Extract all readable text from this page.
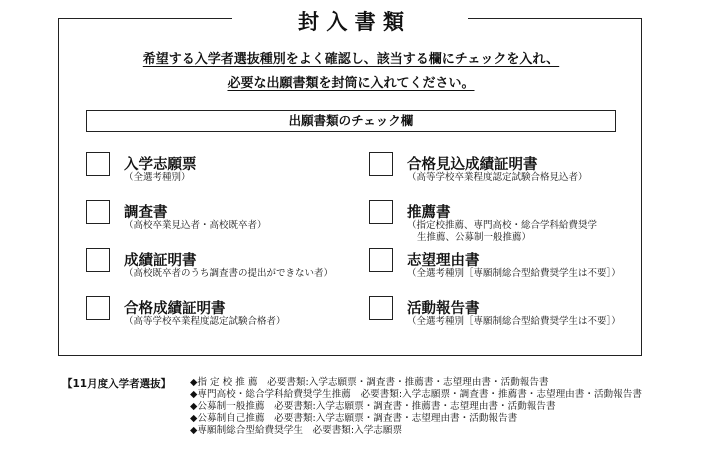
封 入 書 類
希望する入学者選抜種別をよく確認し、該当する欄にチェックを入れ、
必要な出願書類を封筒に入れてください。
出願書類のチェック欄
入学志願票
（全選考種別）
合格見込成績証明書
（高等学校卒業程度認定試験合格見込者）
調査書
（高校卒業見込者・高校既卒者）
推薦書
（指定校推薦、専門高校・総合学科給費奨学
生推薦、公募制一般推薦）
成績証明書
（高校既卒者のうち調査書の提出ができない者）
志望理由書
（全選考種別［専願制総合型給費奨学生は不要］）
合格成績証明書
（高等学校卒業程度認定試験合格者）
活動報告書
（全選考種別［専願制総合型給費奨学生は不要］）
【11月度入学者選抜】 ◆指 定 校 推 薦　必要書類:入学志願票・調査書・推薦書・志望理由書・活動報告書
◆専門高校・総合学科給費奨学生推薦　必要書類:入学志願票・調査書・推薦書・志望理由書・活動報告書
◆公募制一般推薦　必要書類:入学志願票・調査書・推薦書・志望理由書・活動報告書
◆公募制自己推薦　必要書類:入学志願票・調査書・志望理由書・活動報告書
◆専願制総合型給費奨学生　必要書類:入学志願票
